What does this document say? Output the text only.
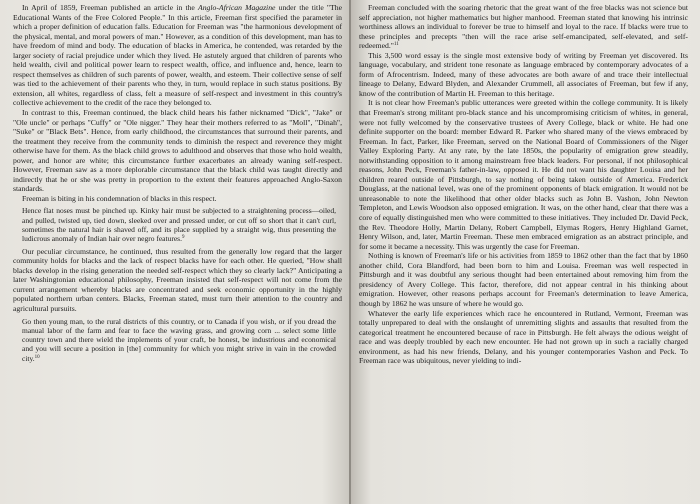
In April of 1859, Freeman published an article in the Anglo-African Magazine under the title "The Educational Wants of the Free Colored People." In this article, Freeman first specified the parameter in which a proper definition of education falls. Education for Freeman was "the harmonious development of the physical, mental, and moral powers of man." However, as a condition of this development, man has to have freedom of mind and body. The education of blacks in America, he contended, was retarded by the larger society of racial prejudice under which they lived. He astutely argued that children of parents who held wealth, civil and political power learn to respect wealth, office, and influence and, hence, learn to respect themselves as children of such parents of power, wealth, and esteem. Their collective sense of self was tied to the achievement of their parents who they, in turn, would replace in such status positions. By extension, all whites, regardless of class, felt a measure of self-respect and investment in this country's collective achievement to the credit of the race they belonged to.

In contrast to this, Freeman continued, the black child hears his father nicknamed "Dick", "Jake" or "Ole uncle" or perhaps "Cuffy" or "Ole nigger." They hear their mothers referred to as "Moll", "Dinah", "Suke" or "Black Bets". Hence, from early childhood, the circumstances that surround their parents, and the treatment they receive from the community tends to diminish the respect and reverence they might otherwise have for them. As the black child grows to adulthood and observes that those who hold wealth, power, and honor are white; this circumstance further exacerbates an already waning self-respect. However, Freeman saw as a more deplorable circumstance that the black child was taught directly and indirectly that he or she was pretty in proportion to the extent their features approached Anglo-Saxon standards.

Freeman is biting in his condemnation of blacks in this respect.

Hence flat noses must be pinched up. Kinky hair must be subjected to a straightening process—oiled, and pulled, twisted up, tied down, sleeked over and pressed under, or cut off so short that it can't curl, sometimes the natural hair is shaved off, and its place supplied by a straight wig, thus presenting the ludicrous anomaly of Indian hair over negro features.$^9$

Our peculiar circumstance, he continued, thus resulted from the generally low regard that the larger community holds for blacks and the lack of respect blacks have for each other. He queried, "How shall blacks develop in the rising generation the needed self-respect which they so clearly lack?" Anticipating a later Washingtonian educational philosophy, Freeman insisted that self-respect will not come from the current arrangement whereby blacks are concentrated and seek economic opportunity in the highly populated northern urban centers. Blacks, Freeman stated, must turn their attention to the country and agricultural pursuits.

Go then young man, to the rural districts of this country, or to Canada if you wish, or if you dread the manual labor of the farm and fear to face the waving grass, and growing corn ... select some little country town and there wield the implements of your craft, be honest, be industrious and economical and you will secure a position in [the] community for which you might strive in vain in the crowded city.$^{10}$

Freeman concluded with the soaring rhetoric that the great want of the free blacks was not science but self appreciation, not higher mathematics but higher manhood. Freeman stated that knowing his intrinsic worthiness allows an individual to forever be true to himself and loyal to the race. If blacks were true to these principles and precepts "then will the race arise self-emancipated, self-elevated, and self-redeemed."$^{11}$

This 3,500 word essay is the single most extensive body of writing by Freeman yet discovered. Its language, vocabulary, and strident tone resonate as language embraced by contemporary advocates of a form of Afrocentrism. Indeed, many of these advocates are both aware of and trace their intellectual lineage to Delany, Edward Blyden, and Alexander Crummell, all associates of Freeman, but few if any, know of the contribution of Martin H. Freeman to this heritage.

It is not clear how Freeman's public utterances were greeted within the college community. It is likely that Freeman's strong militant pro-black stance and his uncompromising criticism of whites, in general, were not fully welcomed by the conservative trustees of Avery College, black or white. He had one definite supporter on the board: member Edward R. Parker who shared many of the views embraced by Freeman. In fact, Parker, like Freeman, served on the National Board of Commissioners of the Niger Valley Exploring Party. At any rate, by the late 1850s, the popularity of emigration grew steadily, notwithstanding opposition to it among mainstream free black leaders. For personal, if not philosophical reasons, John Peck, Freeman's father-in-law, opposed it. He did not want his daughter Louisa and her children reared outside of Pittsburgh, to say nothing of being taken outside of America. Frederick Douglass, at the national level, was one of the prominent opponents of black emigration. It would not be unreasonable to note the likelihood that other older blacks such as John B. Vashon, John Newton Templeton, and Lewis Woodson also opposed emigration. It was, on the other hand, clear that there was a core of equally distinguished men who were committed to these initiatives. They included Dr. David Peck, the Rev. Theodore Holly, Martin Delany, Robert Campbell, Elymas Rogers, Henry Highland Garnet, Henry Wilson, and, later, Martin Freeman. These men embraced emigration as an abstract principle, and for some it became a necessity. This was urgently the case for Freeman.

Nothing is known of Freeman's life or his activities from 1859 to 1862 other than the fact that by 1860 another child, Cora Blandford, had been born to him and Louisa. Freeman was well respected in Pittsburgh and it was doubtful any serious thought had been entertained about removing him from the presidency of Avery College. This factor, therefore, did not appear central in his thinking about emigration. However, other reasons perhaps account for Freeman's determination to leave America, though by 1862 he was unsure of where he would go.

Whatever the early life experiences which race he encountered in Rutland, Vermont, Freeman was totally unprepared to deal with the onslaught of unremitting slights and assaults that resulted from the categorical treatment he encountered because of race in Pittsburgh. He felt always the odious weight of race and was deeply troubled by each new encounter. He had not grown up in such a racially charged environment, as had his new friends, Delany, and his younger contemporaries Vashon and Peck. To Freeman race was ubiquitous, never yielding to indi-
